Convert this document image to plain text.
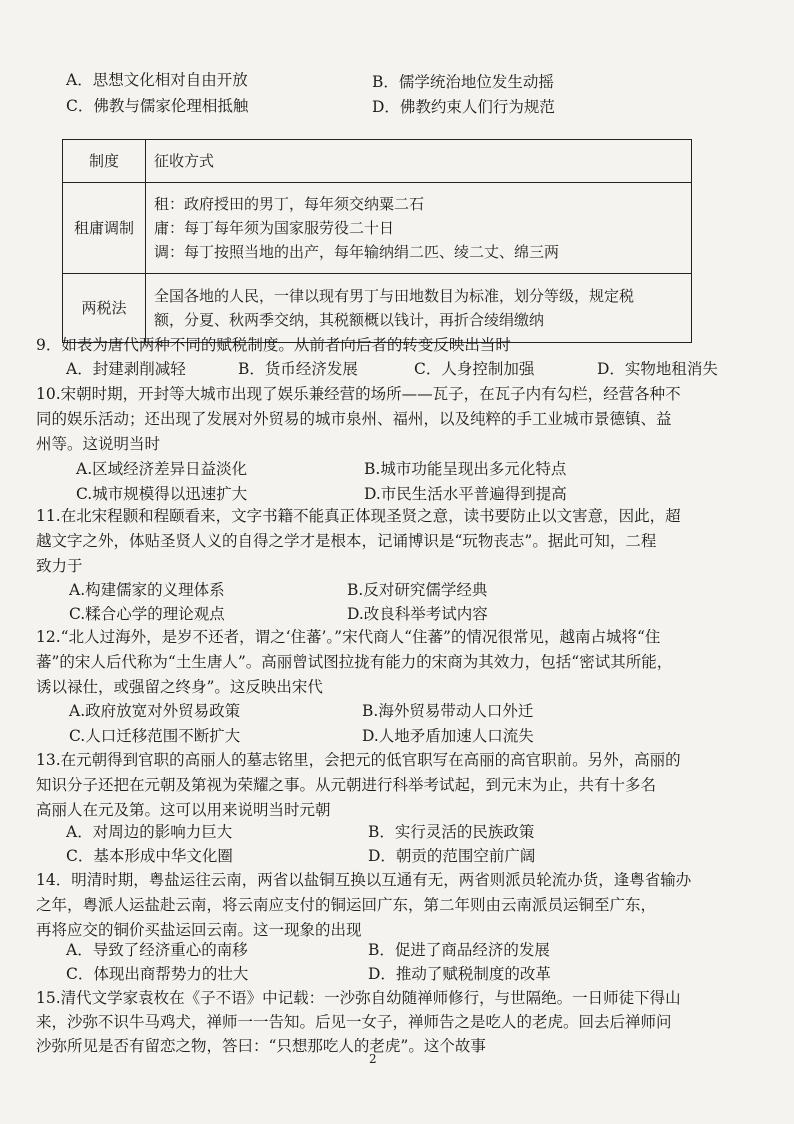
A．思想文化相对自由开放	B．儒学统治地位发生动摇
C．佛教与儒家伦理相抵触	D．佛教约束人们行为规范
制度	征收方式
租庸调制	租：政府授田的男丁，每年须交纳粟二石
庸：每丁每年须为国家服劳役二十日
调：每丁按照当地的出产，每年输纳绢二匹、绫二丈、绵三两

两税法	全国各地的人民，一律以现有男丁与田地数目为标准，划分等级，规定税
额，分夏、秋两季交纳，其税额概以钱计，再折合绫绢缴纳
9．如表为唐代两种不同的赋税制度。从前者向后者的转变反映出当时
A．封建剥削减轻	B．货币经济发展	C．人身控制加强	D．实物地租消失
10.宋朝时期，开封等大城市出现了娱乐兼经营的场所——瓦子，在瓦子内有勾栏，经营各种不
同的娱乐活动；还出现了发展对外贸易的城市泉州、福州，以及纯粹的手工业城市景德镇、益
州等。这说明当时
A.区域经济差异日益淡化	B.城市功能呈现出多元化特点
C.城市规模得以迅速扩大	D.市民生活水平普遍得到提高
11.在北宋程颢和程颐看来，文字书籍不能真正体现圣贤之意，读书要防止以文害意，因此，超
越文字之外，体贴圣贤人义的自得之学才是根本，记诵博识是“玩物丧志”。据此可知，二程
致力于
A.构建儒家的义理体系	B.反对研究儒学经典
C.糅合心学的理论观点	D.改良科举考试内容
12.“北人过海外，是岁不还者，谓之‘住蕃’。”宋代商人“住蕃”的情况很常见，越南占城将“住
蕃”的宋人后代称为“土生唐人”。高丽曾试图拉拢有能力的宋商为其效力，包括“密试其所能，
诱以禄仕，或强留之终身”。这反映出宋代
A.政府放宽对外贸易政策	B.海外贸易带动人口外迁
C.人口迁移范围不断扩大	D.人地矛盾加速人口流失
13.在元朝得到官职的高丽人的墓志铭里，会把元的低官职写在高丽的高官职前。另外，高丽的
知识分子还把在元朝及第视为荣耀之事。从元朝进行科举考试起，到元末为止，共有十多名
高丽人在元及第。这可以用来说明当时元朝
A．对周边的影响力巨大	B．实行灵活的民族政策
C．基本形成中华文化圈	D．朝贡的范围空前广阔
14．明清时期，粤盐运往云南，两省以盐铜互换以互通有无，两省则派员轮流办货，逢粤省输办
之年，粤派人运盐赴云南，将云南应支付的铜运回广东，第二年则由云南派员运铜至广东，
再将应交的铜价买盐运回云南。这一现象的出现
A．导致了经济重心的南移	B．促进了商品经济的发展
C．体现出商帮势力的壮大	D．推动了赋税制度的改革
15.清代文学家袁枚在《子不语》中记载：一沙弥自幼随禅师修行，与世隔绝。一日师徒下得山
来，沙弥不识牛马鸡犬，禅师一一告知。后见一女子，禅师告之是吃人的老虎。回去后禅师问
沙弥所见是否有留恋之物，答曰：“只想那吃人的老虎”。这个故事
2
